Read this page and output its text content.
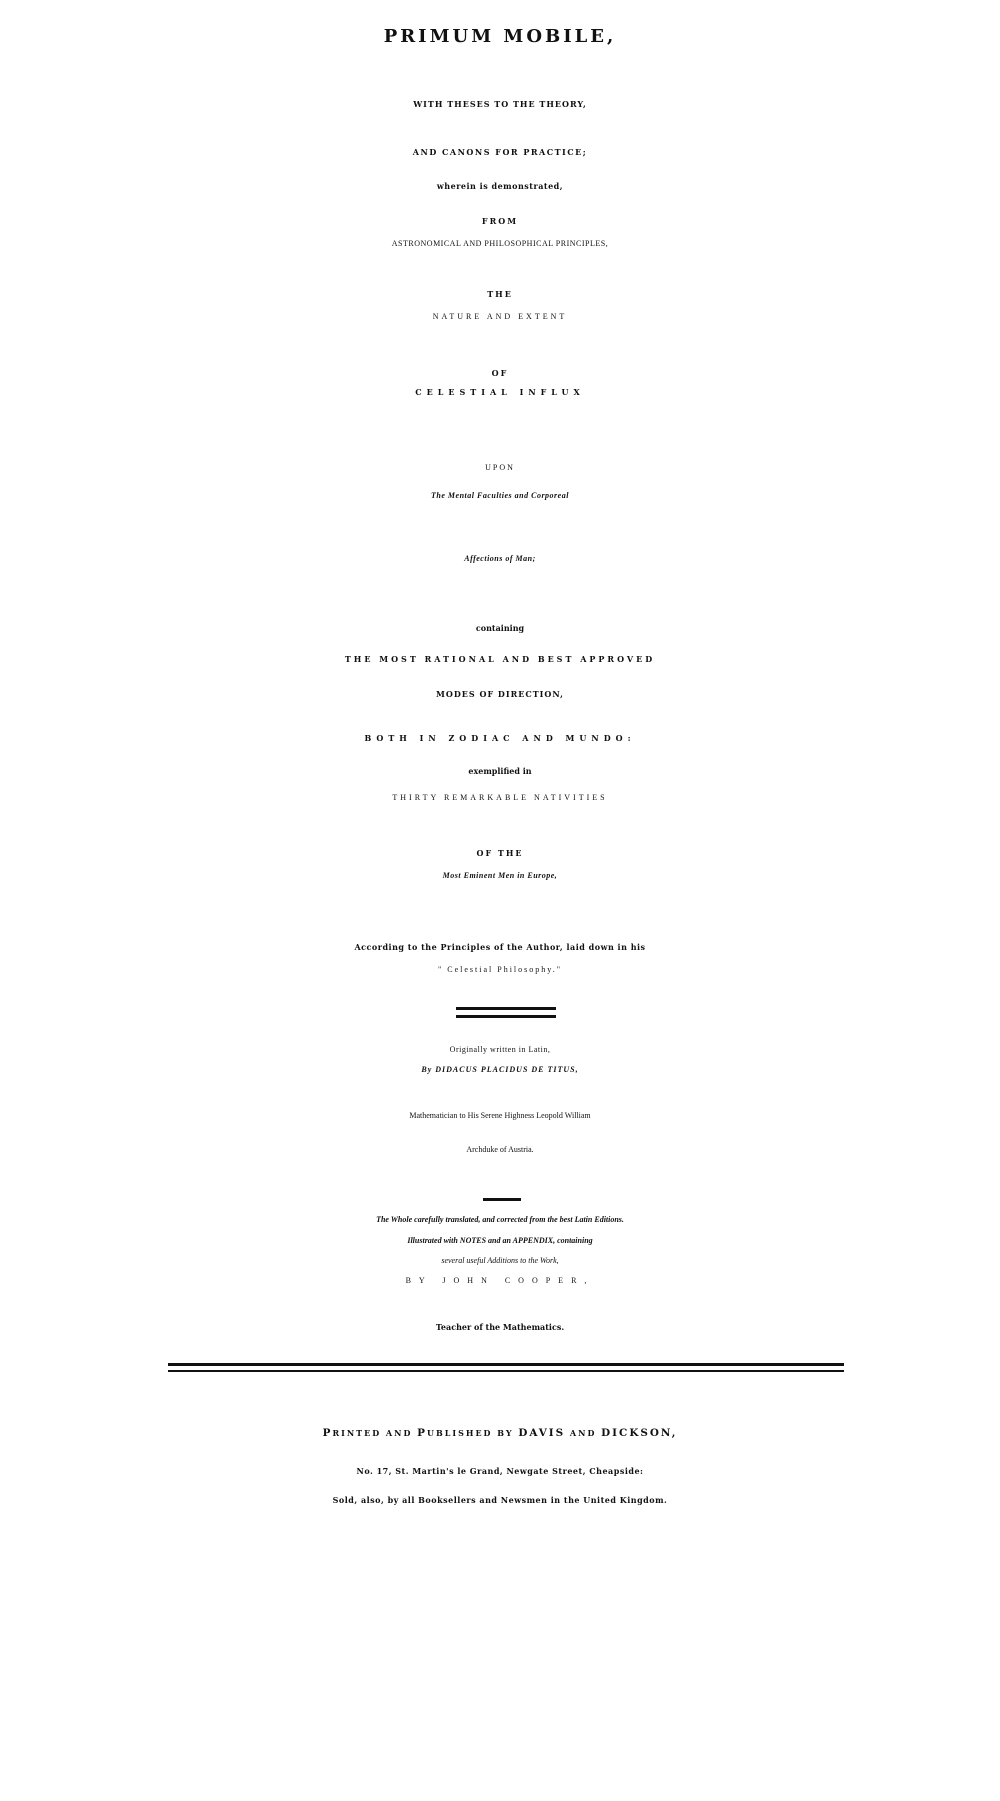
PRIMUM MOBILE,
WITH THESES TO THE THEORY,
AND CANONS FOR PRACTICE;
wherein is demonstrated,
FROM
ASTRONOMICAL AND PHILOSOPHICAL PRINCIPLES,
THE
NATURE AND EXTENT
OF
CELESTIAL INFLUX
UPON
The Mental Faculties and Corporeal
Affections of Man;
containing
THE MOST RATIONAL AND BEST APPROVED
MODES OF DIRECTION,
BOTH IN ZODIAC AND MUNDO:
exemplified in
THIRTY REMARKABLE NATIVITIES
OF THE
Most Eminent Men in Europe,
According to the Principles of the Author, laid down in his
" Celestial Philosophy."
Originally written in Latin,
By DIDACUS PLACIDUS DE TITUS,
Mathematician to His Serene Highness Leopold William
Archduke of Austria.
The Whole carefully translated, and corrected from the best Latin Editions.
Illustrated with NOTES and an APPENDIX, containing
several useful Additions to the Work,
BY JOHN COOPER,
Teacher of the Mathematics.
PRINTED AND PUBLISHED BY DAVIS AND DICKSON,
No. 17, St. Martin's le Grand, Newgate Street, Cheapside:
Sold, also, by all Booksellers and Newsmen in the United Kingdom.
